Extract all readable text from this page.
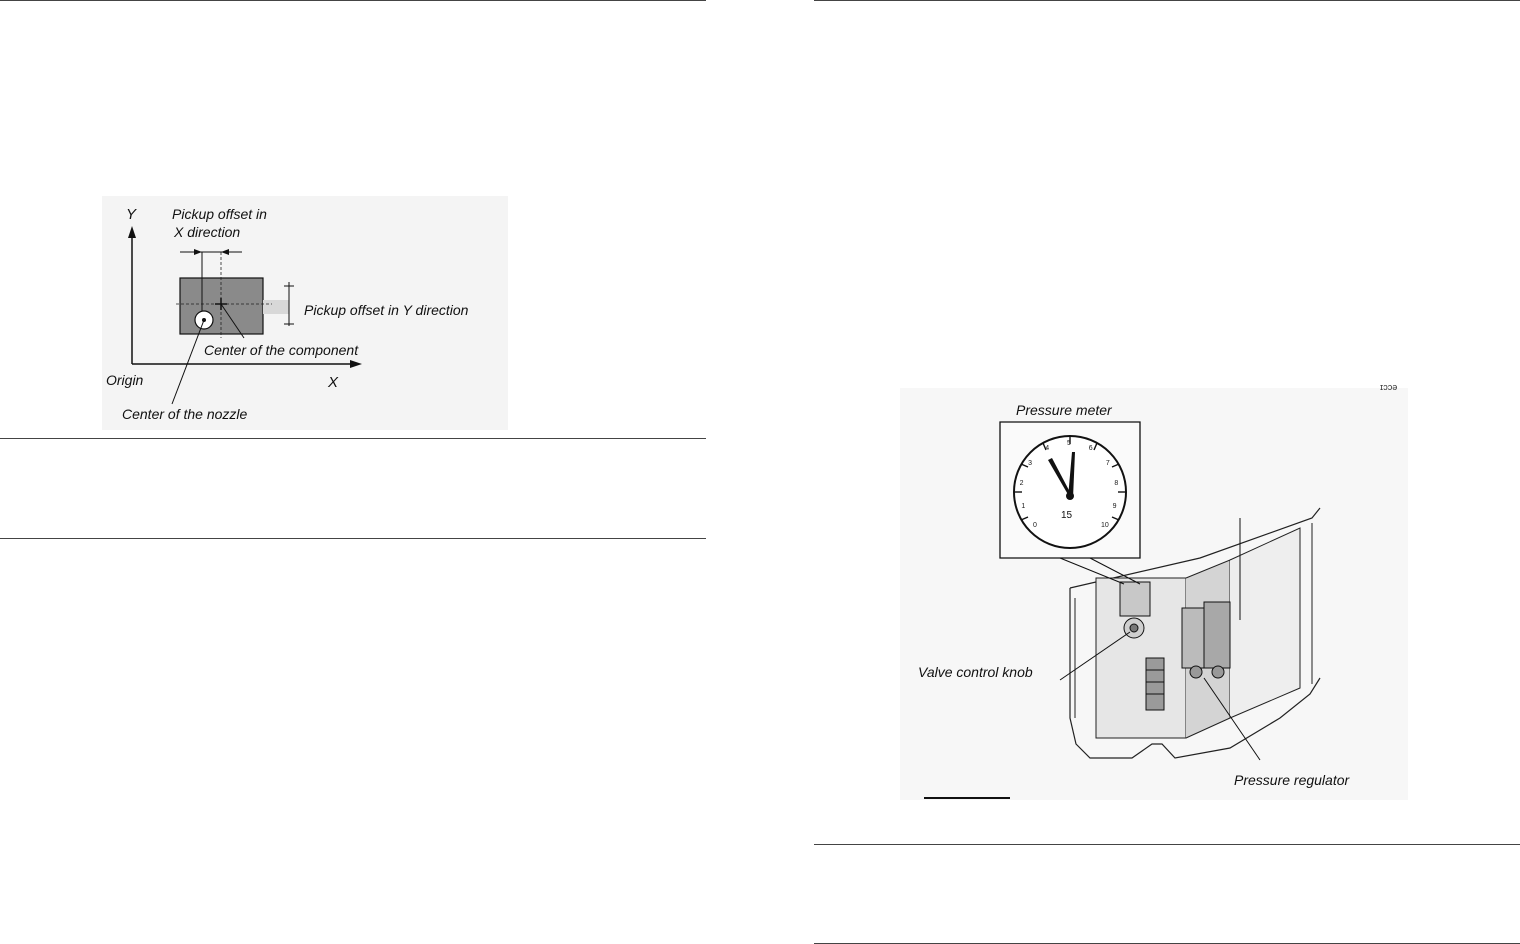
Y
X
Origin
Pickup offset in
X direction
Pickup offset in Y direction
Center of the component
Center of the nozzle	Pressure meter
Valve control knob
Pressure regulator
15
0
1
2
3
4
5
6
7
8
9
10
ɪɔɔə
